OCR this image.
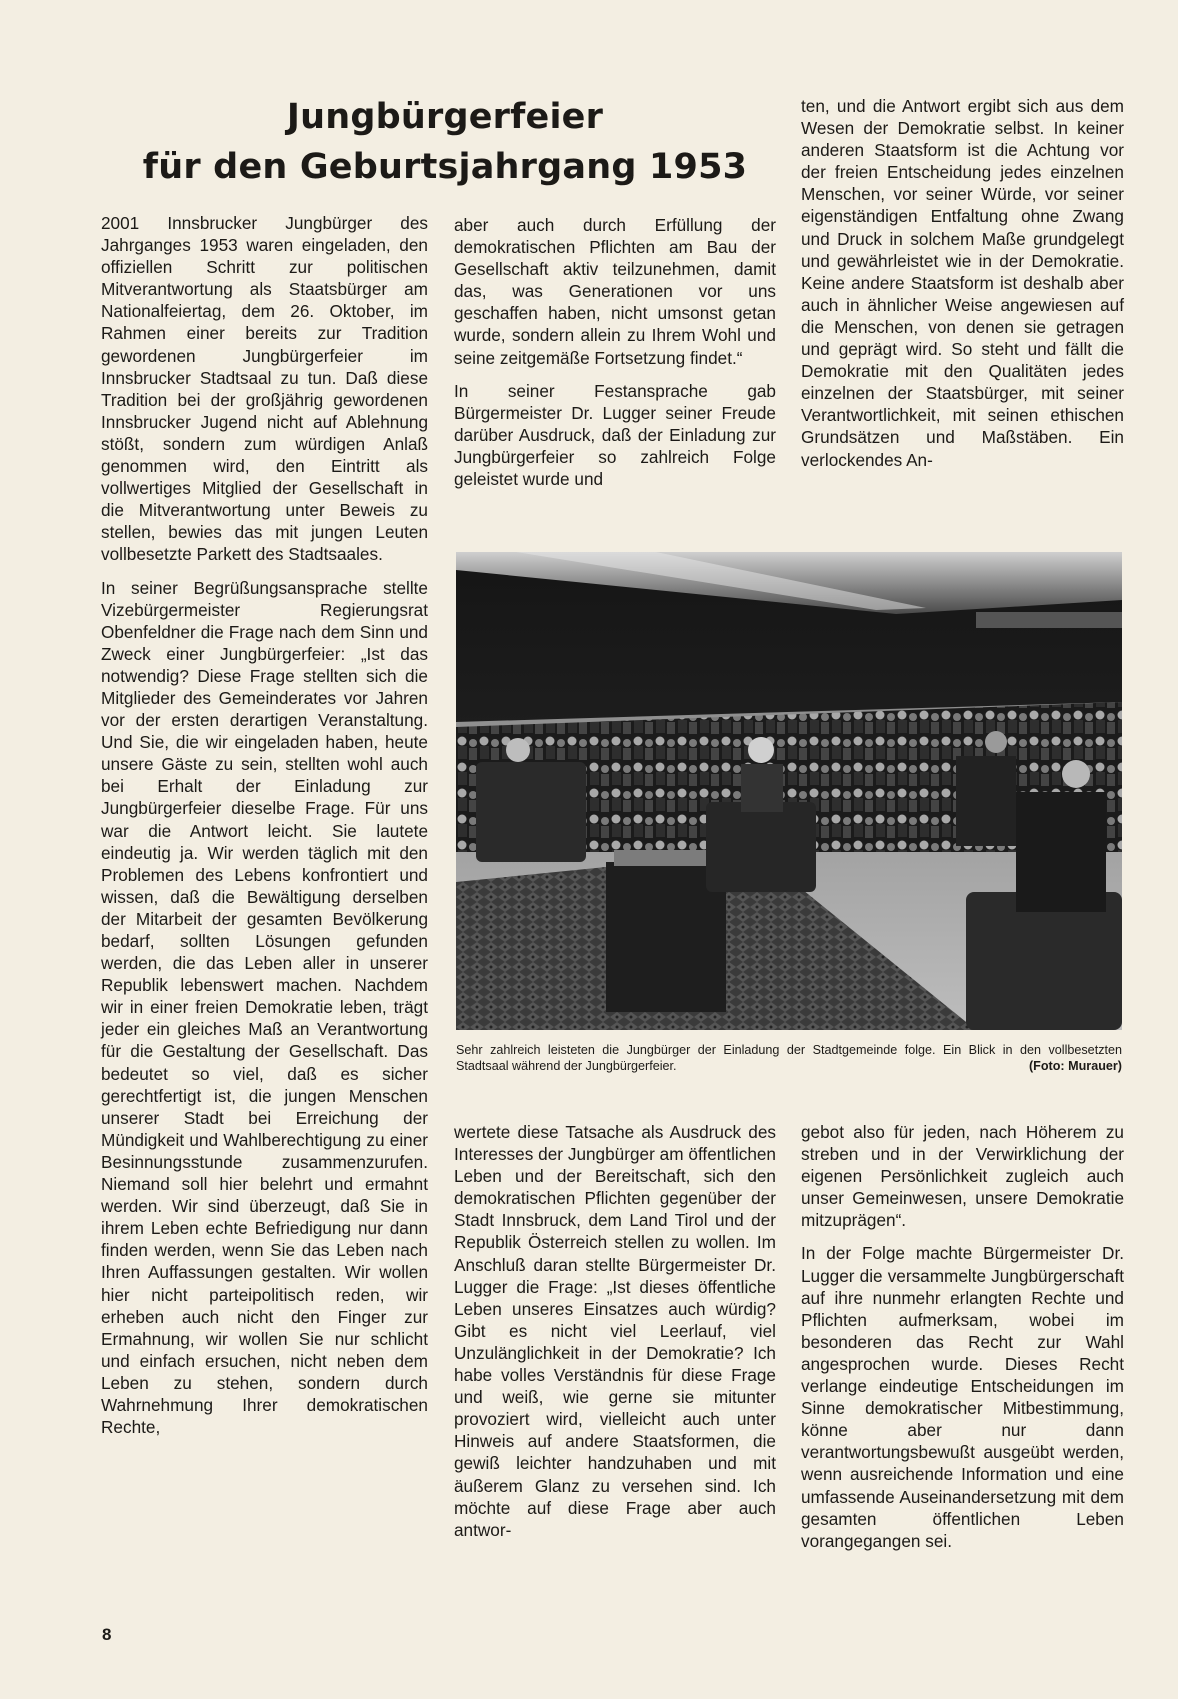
Jungbürgerfeier
für den Geburtsjahrgang 1953

2001 Innsbrucker Jungbürger des Jahrganges 1953 waren eingeladen, den offiziellen Schritt zur politischen Mitverantwortung als Staatsbürger am Nationalfeiertag, dem 26. Oktober, im Rahmen einer bereits zur Tradition gewordenen Jungbürgerfeier im Innsbrucker Stadtsaal zu tun. Daß diese Tradition bei der großjährig gewordenen Innsbrucker Jugend nicht auf Ablehnung stößt, sondern zum würdigen Anlaß genommen wird, den Eintritt als vollwertiges Mitglied der Gesellschaft in die Mitverantwortung unter Beweis zu stellen, bewies das mit jungen Leuten vollbesetzte Parkett des Stadtsaales.

In seiner Begrüßungsansprache stellte Vizebürgermeister Regierungsrat Obenfeldner die Frage nach dem Sinn und Zweck einer Jungbürgerfeier: „Ist das notwendig? Diese Frage stellten sich die Mitglieder des Gemeinderates vor Jahren vor der ersten derartigen Veranstaltung. Und Sie, die wir eingeladen haben, heute unsere Gäste zu sein, stellten wohl auch bei Erhalt der Einladung zur Jungbürgerfeier dieselbe Frage. Für uns war die Antwort leicht. Sie lautete eindeutig ja. Wir werden täglich mit den Problemen des Lebens konfrontiert und wissen, daß die Bewältigung derselben der Mitarbeit der gesamten Bevölkerung bedarf, sollten Lösungen gefunden werden, die das Leben aller in unserer Republik lebenswert machen. Nachdem wir in einer freien Demokratie leben, trägt jeder ein gleiches Maß an Verantwortung für die Gestaltung der Gesellschaft. Das bedeutet so viel, daß es sicher gerechtfertigt ist, die jungen Menschen unserer Stadt bei Erreichung der Mündigkeit und Wahlberechtigung zu einer Besinnungsstunde zusammenzurufen. Niemand soll hier belehrt und ermahnt werden. Wir sind überzeugt, daß Sie in ihrem Leben echte Befriedigung nur dann finden werden, wenn Sie das Leben nach Ihren Auffassungen gestalten. Wir wollen hier nicht parteipolitisch reden, wir erheben auch nicht den Finger zur Ermahnung, wir wollen Sie nur schlicht und einfach ersuchen, nicht neben dem Leben zu stehen, sondern durch Wahrnehmung Ihrer demokratischen Rechte,

aber auch durch Erfüllung der demokratischen Pflichten am Bau der Gesellschaft aktiv teilzunehmen, damit das, was Generationen vor uns geschaffen haben, nicht umsonst getan wurde, sondern allein zu Ihrem Wohl und seine zeitgemäße Fortsetzung findet.“

In seiner Festansprache gab Bürgermeister Dr. Lugger seiner Freude darüber Ausdruck, daß der Einladung zur Jungbürgerfeier so zahlreich Folge geleistet wurde und

ten, und die Antwort ergibt sich aus dem Wesen der Demokratie selbst. In keiner anderen Staatsform ist die Achtung vor der freien Entscheidung jedes einzelnen Menschen, vor seiner Würde, vor seiner eigenständigen Entfaltung ohne Zwang und Druck in solchem Maße grundgelegt und gewährleistet wie in der Demokratie. Keine andere Staatsform ist deshalb aber auch in ähnlicher Weise angewiesen auf die Menschen, von denen sie getragen und geprägt wird. So steht und fällt die Demokratie mit den Qualitäten jedes einzelnen der Staatsbürger, mit seiner Verantwortlichkeit, mit seinen ethischen Grundsätzen und Maßstäben. Ein verlockendes An-

Sehr zahlreich leisteten die Jungbürger der Einladung der Stadtgemeinde folge. Ein Blick in den vollbesetzten Stadtsaal während der Jungbürgerfeier.	(Foto: Murauer)

wertete diese Tatsache als Ausdruck des Interesses der Jungbürger am öffentlichen Leben und der Bereitschaft, sich den demokratischen Pflichten gegenüber der Stadt Innsbruck, dem Land Tirol und der Republik Österreich stellen zu wollen. Im Anschluß daran stellte Bürgermeister Dr. Lugger die Frage: „Ist dieses öffentliche Leben unseres Einsatzes auch würdig? Gibt es nicht viel Leerlauf, viel Unzulänglichkeit in der Demokratie? Ich habe volles Verständnis für diese Frage und weiß, wie gerne sie mitunter provoziert wird, vielleicht auch unter Hinweis auf andere Staatsformen, die gewiß leichter handzuhaben und mit äußerem Glanz zu versehen sind. Ich möchte auf diese Frage aber auch antwor-

gebot also für jeden, nach Höherem zu streben und in der Verwirklichung der eigenen Persönlichkeit zugleich auch unser Gemeinwesen, unsere Demokratie mitzuprägen“.

In der Folge machte Bürgermeister Dr. Lugger die versammelte Jungbürgerschaft auf ihre nunmehr erlangten Rechte und Pflichten aufmerksam, wobei im besonderen das Recht zur Wahl angesprochen wurde. Dieses Recht verlange eindeutige Entscheidungen im Sinne demokratischer Mitbestimmung, könne aber nur dann verantwortungsbewußt ausgeübt werden, wenn ausreichende Information und eine umfassende Auseinandersetzung mit dem gesamten öffentlichen Leben vorangegangen sei.

8
